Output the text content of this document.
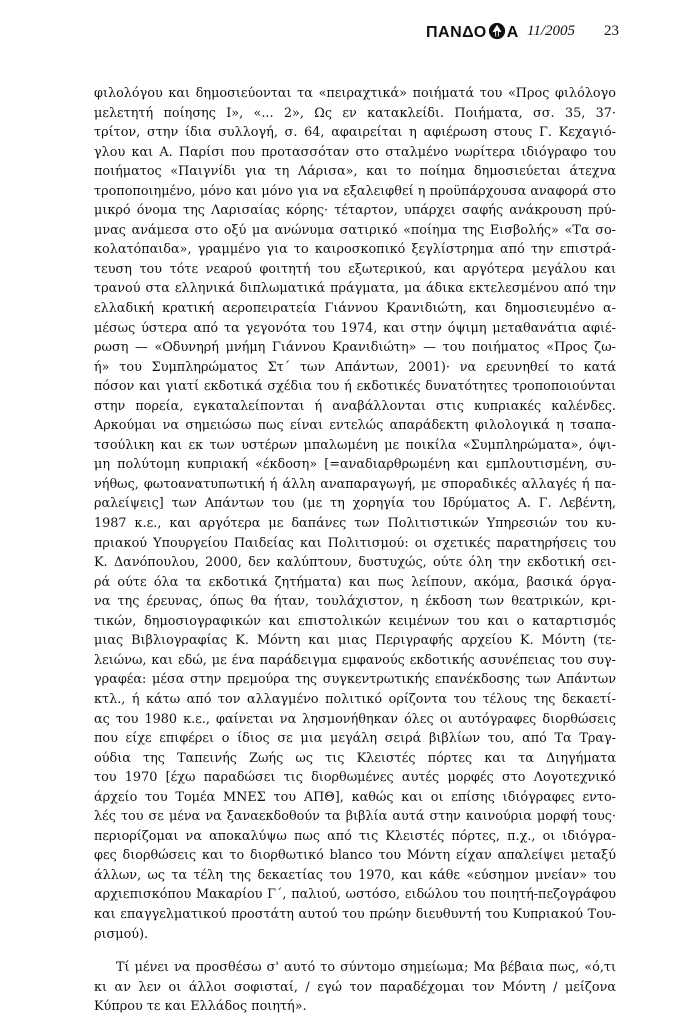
ΠΑΝΔΟ Α 11/2005 23

φιλολόγου και δημοσιεύονται τα «πειραχτικά» ποιήματά του «Προς φιλόλογο
μελετητή ποίησης Ι», «... 2», Ως εν κατακλείδι. Ποιήματα, σσ. 35, 37·
τρίτον, στην ίδια συλλογή, σ. 64, αφαιρείται η αφιέρωση στους Γ. Κεχαγιό-
γλου και Α. Παρίσι που προτασσόταν στο σταλμένο νωρίτερα ιδιόγραφο του
ποιήματος «Παιγνίδι για τη Λάρισα», και το ποίημα δημοσιεύεται άτεχνα
τροποποιημένο, μόνο και μόνο για να εξαλειφθεί η προϋπάρχουσα αναφορά στο
μικρό όνομα της Λαρισαίας κόρης· τέταρτον, υπάρχει σαφής ανάκρουση πρύ-
μνας ανάμεσα στο οξύ μα ανώνυμα σατιρικό «ποίημα της Εισβολής» «Τα σο-
κολατόπαιδα», γραμμένο για το καιροσκοπικό ξεγλίστρημα από την επιστρά-
τευση του τότε νεαρού φοιτητή του εξωτερικού, και αργότερα μεγάλου και
τρανού στα ελληνικά διπλωματικά πράγματα, μα άδικα εκτελεσμένου από την
ελλαδική κρατική αεροπειρατεία Γιάννου Κρανιδιώτη, και δημοσιευμένο α-
μέσως ύστερα από τα γεγονότα του 1974, και στην όψιμη μεταθανάτια αφιέ-
ρωση — «Οδυνηρή μνήμη Γιάννου Κρανιδιώτη» — του ποιήματος «Προς ζω-
ή» του Συμπληρώματος Στ΄ των Απάντων, 2001)· να ερευνηθεί το κατά
πόσον και γιατί εκδοτικά σχέδια του ή εκδοτικές δυνατότητες τροποποιούνται
στην πορεία, εγκαταλείπονται ή αναβάλλονται στις κυπριακές καλένδες.
Αρκούμαι να σημειώσω πως είναι εντελώς απαράδεκτη φιλολογικά η τσαπα-
τσούλικη και εκ των υστέρων μπαλωμένη με ποικίλα «Συμπληρώματα», όψι-
μη πολύτομη κυπριακή «έκδοση» [=αναδιαρθρωμένη και εμπλουτισμένη, συ-
νήθως, φωτοανατυπωτική ή άλλη αναπαραγωγή, με σποραδικές αλλαγές ή πα-
ραλείψεις] των Απάντων του (με τη χορηγία του Ιδρύματος Α. Γ. Λεβέντη,
1987 κ.ε., και αργότερα με δαπάνες των Πολιτιστικών Υπηρεσιών του κυ-
πριακού Υπουργείου Παιδείας και Πολιτισμού: οι σχετικές παρατηρήσεις του
Κ. Δανόπουλου, 2000, δεν καλύπτουν, δυστυχώς, ούτε όλη την εκδοτική σει-
ρά ούτε όλα τα εκδοτικά ζητήματα) και πως λείπουν, ακόμα, βασικά όργα-
να της έρευνας, όπως θα ήταν, τουλάχιστον, η έκδοση των θεατρικών, κρι-
τικών, δημοσιογραφικών και επιστολικών κειμένων του και ο καταρτισμός
μιας Βιβλιογραφίας Κ. Μόντη και μιας Περιγραφής αρχείου Κ. Μόντη (τε-
λειώνω, και εδώ, με ένα παράδειγμα εμφανούς εκδοτικής ασυνέπειας του συγ-
γραφέα: μέσα στην πρεμούρα της συγκεντρωτικής επανέκδοσης των Απάντων
κτλ., ή κάτω από τον αλλαγμένο πολιτικό ορίζοντα του τέλους της δεκαετί-
ας του 1980 κ.ε., φαίνεται να λησμονήθηκαν όλες οι αυτόγραφες διορθώσεις
που είχε επιφέρει ο ίδιος σε μια μεγάλη σειρά βιβλίων του, από Τα Τραγ-
ούδια της Ταπεινής Ζωής ως τις Κλειστές πόρτες και τα Διηγήματα
του 1970 [έχω παραδώσει τις διορθωμένες αυτές μορφές στο Λογοτεχνικό
άρχείο του Τομέα ΜΝΕΣ του ΑΠΘ], καθώς και οι επίσης ιδιόγραφες εντο-
λές του σε μένα να ξαναεκδοθούν τα βιβλία αυτά στην καινούρια μορφή τους·
περιορίζομαι να αποκαλύψω πως από τις Κλειστές πόρτες, π.χ., οι ιδιόγρα-
φες διορθώσεις και το διορθωτικό blanco του Μόντη είχαν απαλείψει μεταξύ
άλλων, ως τα τέλη της δεκαετίας του 1970, και κάθε «εύσημον μνείαν» του
αρχιεπισκόπου Μακαρίου Γ΄, παλιού, ωστόσο, ειδώλου του ποιητή-πεζογράφου
και επαγγελματικού προστάτη αυτού του πρώην διευθυντή του Κυπριακού Του-
ρισμού).

Τί μένει να προσθέσω σ' αυτό το σύντομο σημείωμα; Μα βέβαια πως, «ό,τι
κι αν λεν οι άλλοι σοφισταί, / εγώ τον παραδέχομαι τον Μόντη / μείζονα
Κύπρου τε και Ελλάδος ποιητή».
